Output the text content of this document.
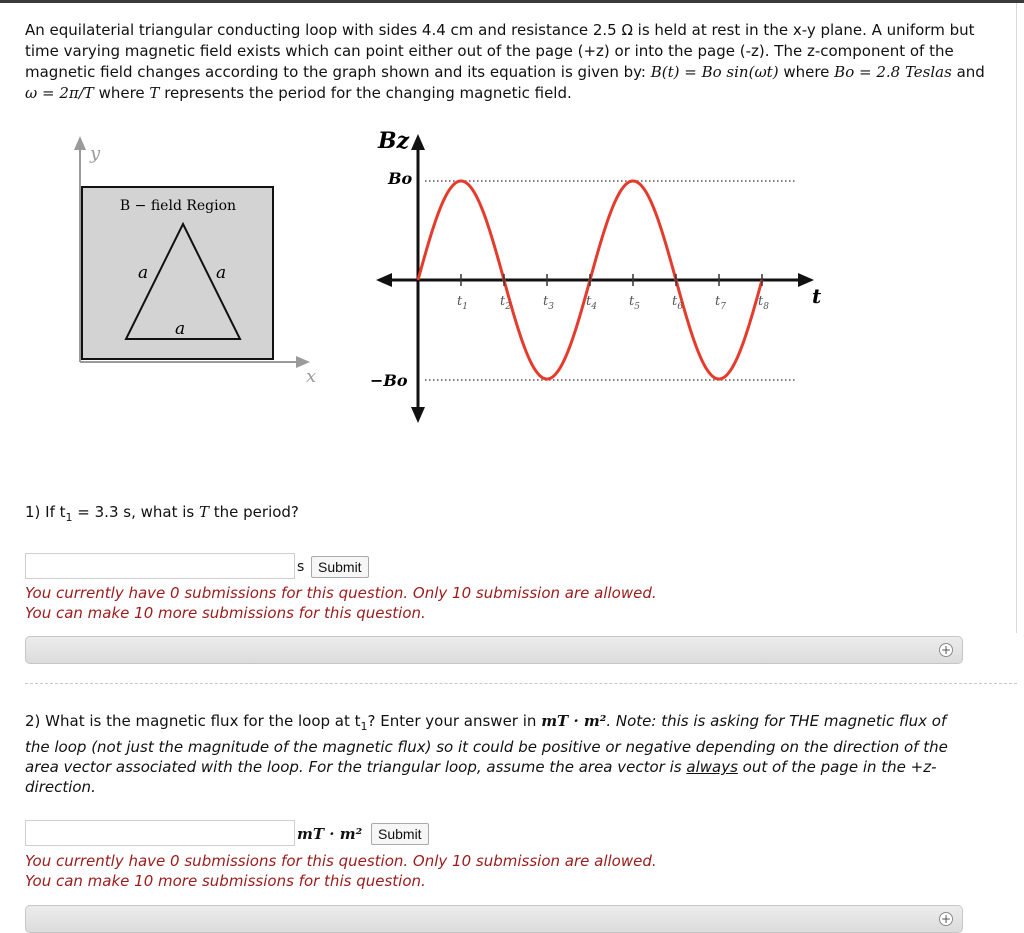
An equilaterial triangular conducting loop with sides 4.4 cm and resistance 2.5 Ω is held at rest in the x-y plane. A uniform but time varying magnetic field exists which can point either out of the page (+z) or into the page (-z). The z-component of the magnetic field changes according to the graph shown and its equation is given by: B(t) = Bo sin(ωt) where Bo = 2.8 Teslas and ω = 2π/T where T represents the period for the changing magnetic field.
B − field Region
a	a
a
y
x
Bz
Bo
−Bo
t
$t_1$ $t_2$ $t_3$ $t_4$ $t_5$ $t_6$ $t_7$ $t_8$
1) If $t_1 = 3.3$ s, what is T the period?
s Submit
You currently have 0 submissions for this question. Only 10 submission are allowed.
You can make 10 more submissions for this question.
+
2) What is the magnetic flux for the loop at $t_1$? Enter your answer in mT · m². Note: this is asking for THE magnetic flux of the loop (not just the magnitude of the magnetic flux) so it could be positive or negative depending on the direction of the area vector associated with the loop. For the triangular loop, assume the area vector is always out of the page in the +z-direction.
mT · m²	Submit
You currently have 0 submissions for this question. Only 10 submission are allowed.
You can make 10 more submissions for this question.
+
